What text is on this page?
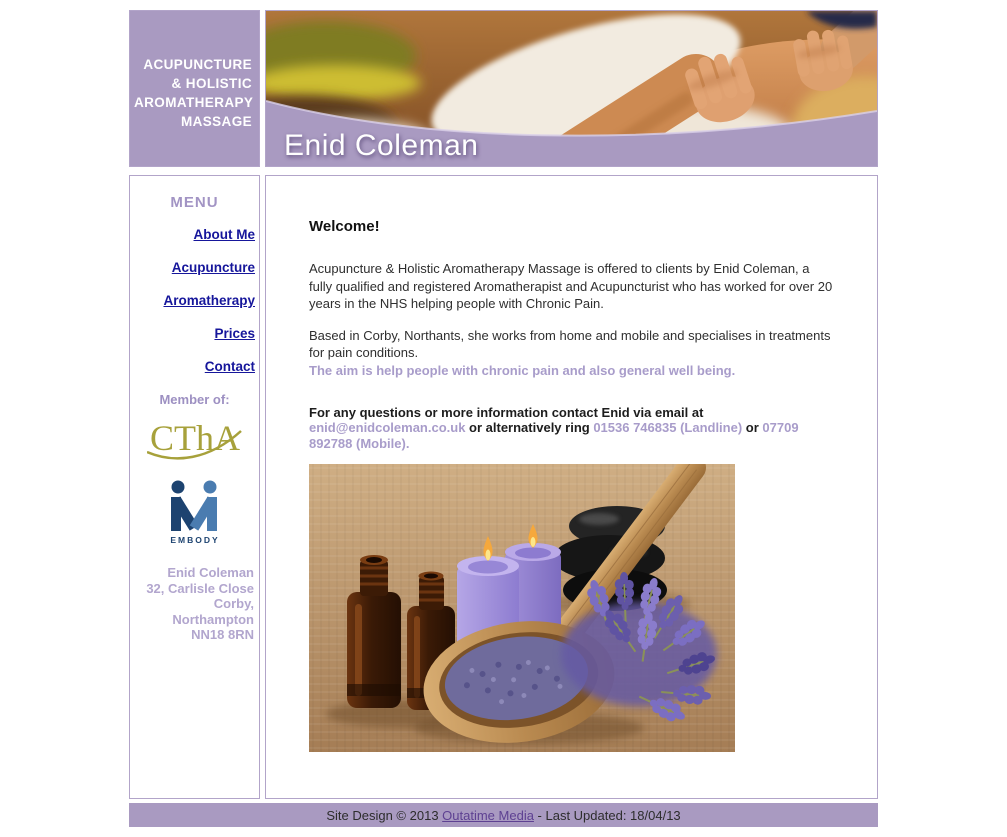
ACUPUNCTURE
& HOLISTIC
AROMATHERAPY
MASSAGE
Enid Coleman
MENU
About Me
Acupuncture
Aromatherapy
Prices
Contact
Member of:
CThA
EMBODY
Enid Coleman
32, Carlisle Close
Corby,
Northampton
NN18 8RN
Welcome!

Acupuncture & Holistic Aromatherapy Massage is offered to clients by Enid Coleman, a fully qualified and registered Aromatherapist and Acupuncturist who has worked for over 20 years in the NHS helping people with Chronic Pain.

Based in Corby, Northants, she works from home and mobile and specialises in treatments for pain conditions.
The aim is help people with chronic pain and also general well being.

For any questions or more information contact Enid via email at enid@enidcoleman.co.uk or alternatively ring 01536 746835 (Landline) or 07709 892788 (Mobile).

Site Design © 2013 Outatime Media - Last Updated: 18/04/13
